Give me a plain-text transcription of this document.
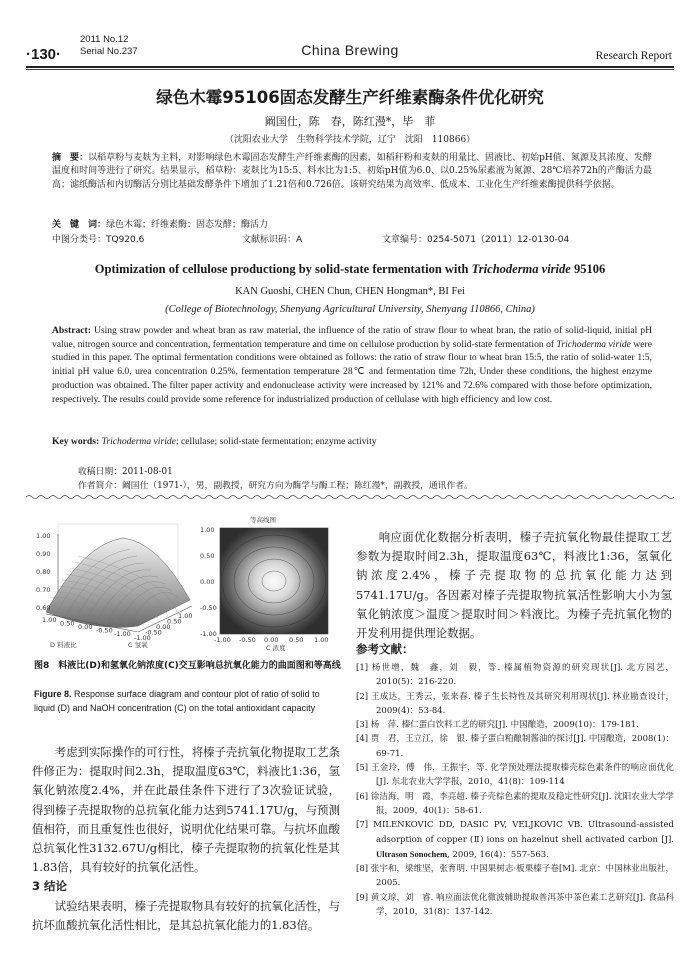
2011 No.12
Serial No.237
·130·	China Brewing	Research Report
绿色木霉95106固态发酵生产纤维素酶条件优化研究
阚国仕，陈　春，陈红漫*，毕　菲
（沈阳农业大学　生物科学技术学院，辽宁　沈阳　110866）
摘　要：以稻草粉与麦麸为主料，对影响绿色木霉固态发酵生产纤维素酶的因素，如稻秆粉和麦麸的用量比、固液比、初始pH值、氮源及其浓度、发酵温度和时间等进行了研究。结果显示，稻草粉：麦麸比为15:5、料水比为1:5、初始pH值为6.0、以0.25%尿素液为氮源、28℃培养72h的产酶活力最高；滤纸酶活和内切酶活分别比基础发酵条件下增加了1.21倍和0.726倍。该研究结果为高效率、低成本、工业化生产纤维素酶提供科学依据。
关　键　词：绿色木霉；纤维素酶；固态发酵；酶活力
中图分类号：TQ920.6	文献标识码：A	文章编号：0254-5071（2011）12-0130-04
Optimization of cellulose productiong by solid-state fermentation with Trichoderma viride 95106
KAN Guoshi, CHEN Chun, CHEN Hongman*, BI Fei
(College of Biotechnology, Shenyang Agricultural University, Shenyang 110866, China)
Abstract: Using straw powder and wheat bran as raw material, the influence of the ratio of straw flour to wheat bran, the ratio of solid-liquid, initial pH value, nitrogen source and concentration, fermentation temperature and time on cellulose production by solid-state fermentation of Trichoderma viride were studied in this paper. The optimal fermentation conditions were obtained as follows: the ratio of straw flour to wheat bran 15:5, the ratio of solid-water 1:5, initial pH value 6.0, urea concentration 0.25%, fermentation temperature 28℃ and fermentation time 72h, Under these conditions, the highest enzyme production was obtained. The filter paper activity and endonuclease activity were increased by 121% and 72.6% compared with those before optimization, respectively. The results could provide some reference for industrialized production of cellulase with high efficiency and low cost.
Key words: Trichoderma viride; cellulase; solid-state fermentation; enzyme activity
收稿日期：2011-08-01
作者简介：阚国仕（1971-），男，副教授，研究方向为酶学与酶工程；陈红漫*，副教授，通讯作者。
1.00
0.90
0.80
0.70
0.60
1.00 0.50 0.00 -0.50 -1.00 -1.00
-0.50
0.00
0.50
1.00
D 料液比	C 氢氧
等高线图
1.00
0.50
0.00
-0.50
-1.00
-1.00 -0.50 0.00 0.50 1.00
C 浓度
图8　料液比(D)和氢氧化钠浓度(C)交互影响总抗氧化能力的曲面图和等高线
Figure 8. Response surface diagram and contour plot of ratio of solid to liquid (D) and NaOH concentration (C) on the total antioxidant capacity

考虑到实际操作的可行性，将榛子壳抗氧化物提取工艺条件修正为：提取时间2.3h，提取温度63℃，料液比1:36，氢氧化钠浓度2.4%，并在此最佳条件下进行了3次验证试验，得到榛子壳提取物的总抗氧化能力达到5741.17U/g，与预测值相符，而且重复性也很好，说明优化结果可靠。与抗坏血酸总抗氧化性3132.67U/g相比，榛子壳提取物的抗氧化性是其1.83倍，具有较好的抗氧化活性。

3 结论

试验结果表明，榛子壳提取物具有较好的抗氧化活性，与抗坏血酸抗氧化活性相比，是其总抗氧化能力的1.83倍。

响应面优化数据分析表明，榛子壳抗氧化物最佳提取工艺参数为提取时间2.3h，提取温度63℃，料液比1:36，氢氧化钠浓度2.4%，榛子壳提取物的总抗氧化能力达到5741.17U/g。各因素对榛子壳提取物抗氧活性影响大小为氢氧化钠浓度＞温度＞提取时间＞料液比。为榛子壳抗氧化物的开发利用提供理论数据。

参考文献：
[1] 杨世增，魏　鑫，刘　毅，等. 榛属植物资源的研究现状[J]. 北方园艺，2010(5)：216-220.
[2] 王成达，王秀云，张来春. 榛子生长特性及其研究利用现状[J]. 林业勘查设计，2009(4)：53-84.
[3] 杨　萍. 榛仁蛋白饮料工艺的研究[J]. 中国酿造，2009(10)：179-181.
[4] 贾　君，王立江，徐　银. 榛子蛋白粕酿制酱油的探讨[J]. 中国酿造，2008(1)：69-71.
[5] 王金玲，傅　伟，王振宇，等. 化学预处理法提取榛壳棕色素条件的响应面优化[J]. 东北农业大学学报，2010，41(8)：109-114
[6] 徐洁海，明　霞，李亮超. 榛子壳棕色素的提取及稳定性研究[J]. 沈阳农业大学学报，2009，40(1)：58-61.
[7] MILENKOVIC DD, DASIC PV, VELJKOVIC VB. Ultrasound-assisted adsorption of copper (Ⅱ) ions on hazelnut shell activated carbon [J]. Ultrason Sonochem, 2009, 16(4)：557-563.
[8] 张宇和，梁维坚，张育明. 中国果树志·板栗榛子卷[M]. 北京：中国林业出版社，2005.
[9] 黄文琼，刘　睿. 响应面法优化微波辅助提取普洱茶中茶色素工艺研究[J]. 食品科学，2010，31(8)：137-142.
